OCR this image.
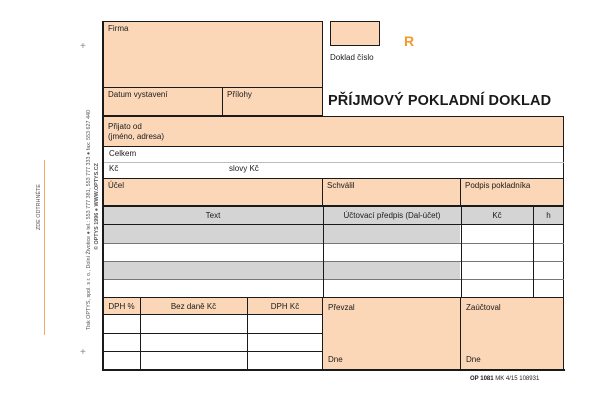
+
+
ZDE ODTRHNĚTE	Tisk OPTYS, spol. s r. o., Dolní Životice ● tel.: 553 777 381, 553 777 333 ● fax: 553 627 440 © OPTYS 1996 ● WWW.OPTYS.CZ
Firma
Doklad číslo
R
Datum vystavení	Přílohy	PŘÍJMOVÝ POKLADNÍ DOKLAD
Přijato od
(jméno, adresa)
Celkem
Kč	slovy Kč
Účel	Schválil	Podpis pokladníka
Text	Účtovací předpis (Dal-účet)	Kč	h
DPH %	Bez daně Kč	DPH Kč	Převzal
Dne
Zaúčtoval
Dne
OP 1081 MK 4/15 108931
